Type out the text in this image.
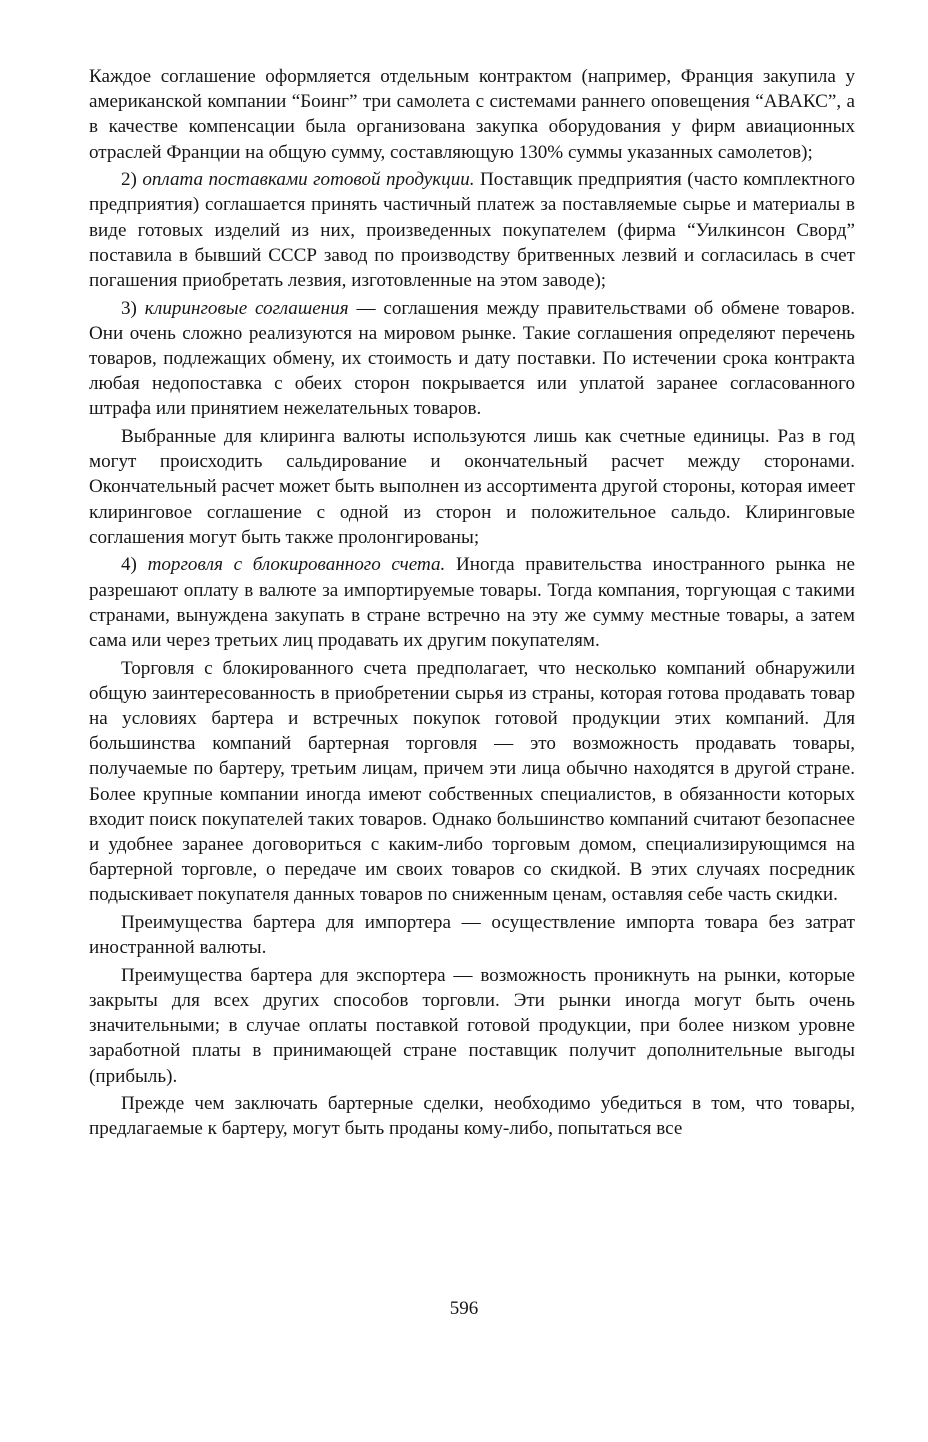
Каждое соглашение оформляется отдельным контрактом (например, Франция закупила у американской компании “Боинг” три самолета с системами раннего оповещения “АВАКС”, а в качестве компенсации была организована закупка оборудования у фирм авиационных отраслей Франции на общую сумму, составляющую 130% суммы указанных самолетов);

2) оплата поставками готовой продукции. Поставщик предприятия (часто комплектного предприятия) соглашается принять частичный платеж за поставляемые сырье и материалы в виде готовых изделий из них, произведенных покупателем (фирма “Уилкинсон Сворд” поставила в бывший СССР завод по производству бритвенных лезвий и согласилась в счет погашения приобретать лезвия, изготовленные на этом заводе);

3) клиринговые соглашения — соглашения между правительствами об обмене товаров. Они очень сложно реализуются на мировом рынке. Такие соглашения определяют перечень товаров, подлежащих обмену, их стоимость и дату поставки. По истечении срока контракта любая недопоставка с обеих сторон покрывается или уплатой заранее согласованного штрафа или принятием нежелательных товаров.

Выбранные для клиринга валюты используются лишь как счетные единицы. Раз в год могут происходить сальдирование и окончательный расчет между сторонами. Окончательный расчет может быть выполнен из ассортимента другой стороны, которая имеет клиринговое соглашение с одной из сторон и положительное сальдо. Клиринговые соглашения могут быть также пролонгированы;

4) торговля с блокированного счета. Иногда правительства иностранного рынка не разрешают оплату в валюте за импортируемые товары. Тогда компания, торгующая с такими странами, вынуждена закупать в стране встречно на эту же сумму местные товары, а затем сама или через третьих лиц продавать их другим покупателям.

Торговля с блокированного счета предполагает, что несколько компаний обнаружили общую заинтересованность в приобретении сырья из страны, которая готова продавать товар на условиях бартера и встречных покупок готовой продукции этих компаний. Для большинства компаний бартерная торговля — это возможность продавать товары, получаемые по бартеру, третьим лицам, причем эти лица обычно находятся в другой стране. Более крупные компании иногда имеют собственных специалистов, в обязанности которых входит поиск покупателей таких товаров. Однако большинство компаний считают безопаснее и удобнее заранее договориться с каким-либо торговым домом, специализирующимся на бартерной торговле, о передаче им своих товаров со скидкой. В этих случаях посредник подыскивает покупателя данных товаров по сниженным ценам, оставляя себе часть скидки.

Преимущества бартера для импортера — осуществление импорта товара без затрат иностранной валюты.

Преимущества бартера для экспортера — возможность проникнуть на рынки, которые закрыты для всех других способов торговли. Эти рынки иногда могут быть очень значительными; в случае оплаты поставкой готовой продукции, при более низком уровне заработной платы в принимающей стране поставщик получит дополнительные выгоды (прибыль).

Прежде чем заключать бартерные сделки, необходимо убедиться в том, что товары, предлагаемые к бартеру, могут быть проданы кому-либо, попытаться все

596
